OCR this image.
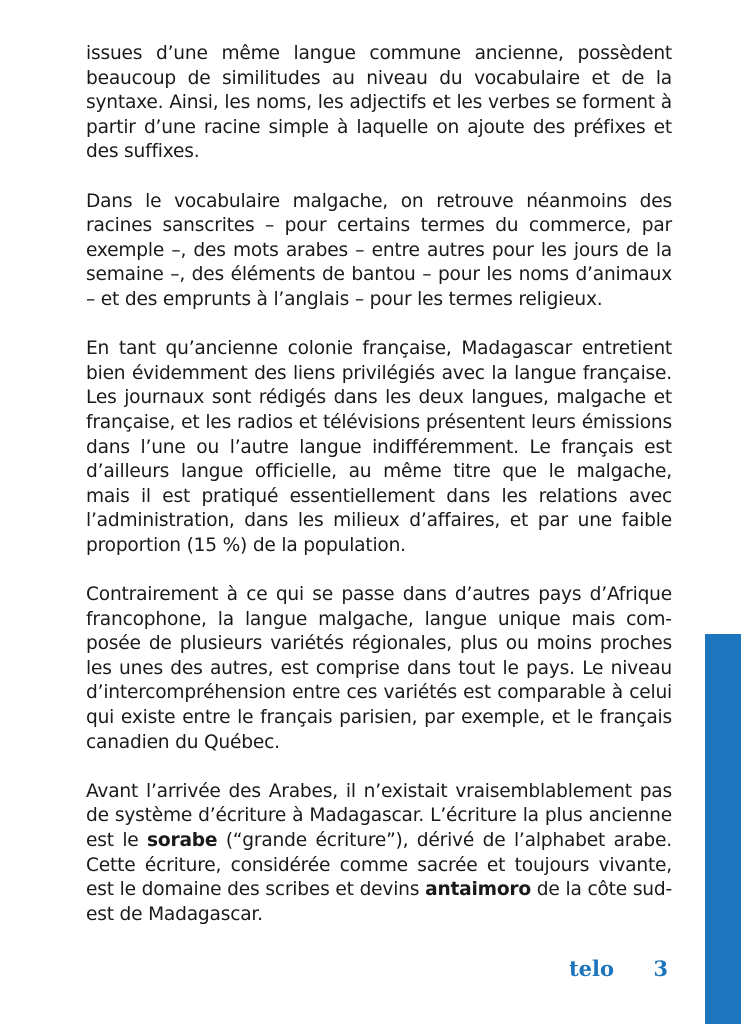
issues d’une même langue commune ancienne, possèdent beaucoup de similitudes au niveau du vocabulaire et de la syntaxe. Ainsi, les noms, les adjectifs et les verbes se forment à partir d’une racine simple à laquelle on ajoute des préfixes et des suffixes.

Dans le vocabulaire malgache, on retrouve néanmoins des racines sanscrites – pour certains termes du commerce, par exemple –, des mots arabes – entre autres pour les jours de la semaine –, des éléments de bantou – pour les noms d’animaux – et des emprunts à l’anglais – pour les termes religieux.

En tant qu’ancienne colonie française, Madagascar entretient bien évidemment des liens privilégiés avec la langue française. Les journaux sont rédigés dans les deux langues, malgache et française, et les radios et télévisions présentent leurs émissions dans l’une ou l’autre langue indifféremment. Le français est d’ailleurs langue officielle, au même titre que le malgache, mais il est pratiqué essentiellement dans les relations avec l’administration, dans les milieux d’affaires, et par une faible proportion (15 %) de la population.

Contrairement à ce qui se passe dans d’autres pays d’Afrique francophone, la langue malgache, langue unique mais composée de plusieurs variétés régionales, plus ou moins proches les unes des autres, est comprise dans tout le pays. Le niveau d’intercompréhension entre ces variétés est comparable à celui qui existe entre le français parisien, par exemple, et le français canadien du Québec.

Avant l’arrivée des Arabes, il n’existait vraisemblablement pas de système d’écriture à Madagascar. L’écriture la plus ancienne est le sorabe (“grande écriture”), dérivé de l’alphabet arabe. Cette écriture, considérée comme sacrée et toujours vivante, est le domaine des scribes et devins antaimoro de la côte sud-est de Madagascar.

telo 3
